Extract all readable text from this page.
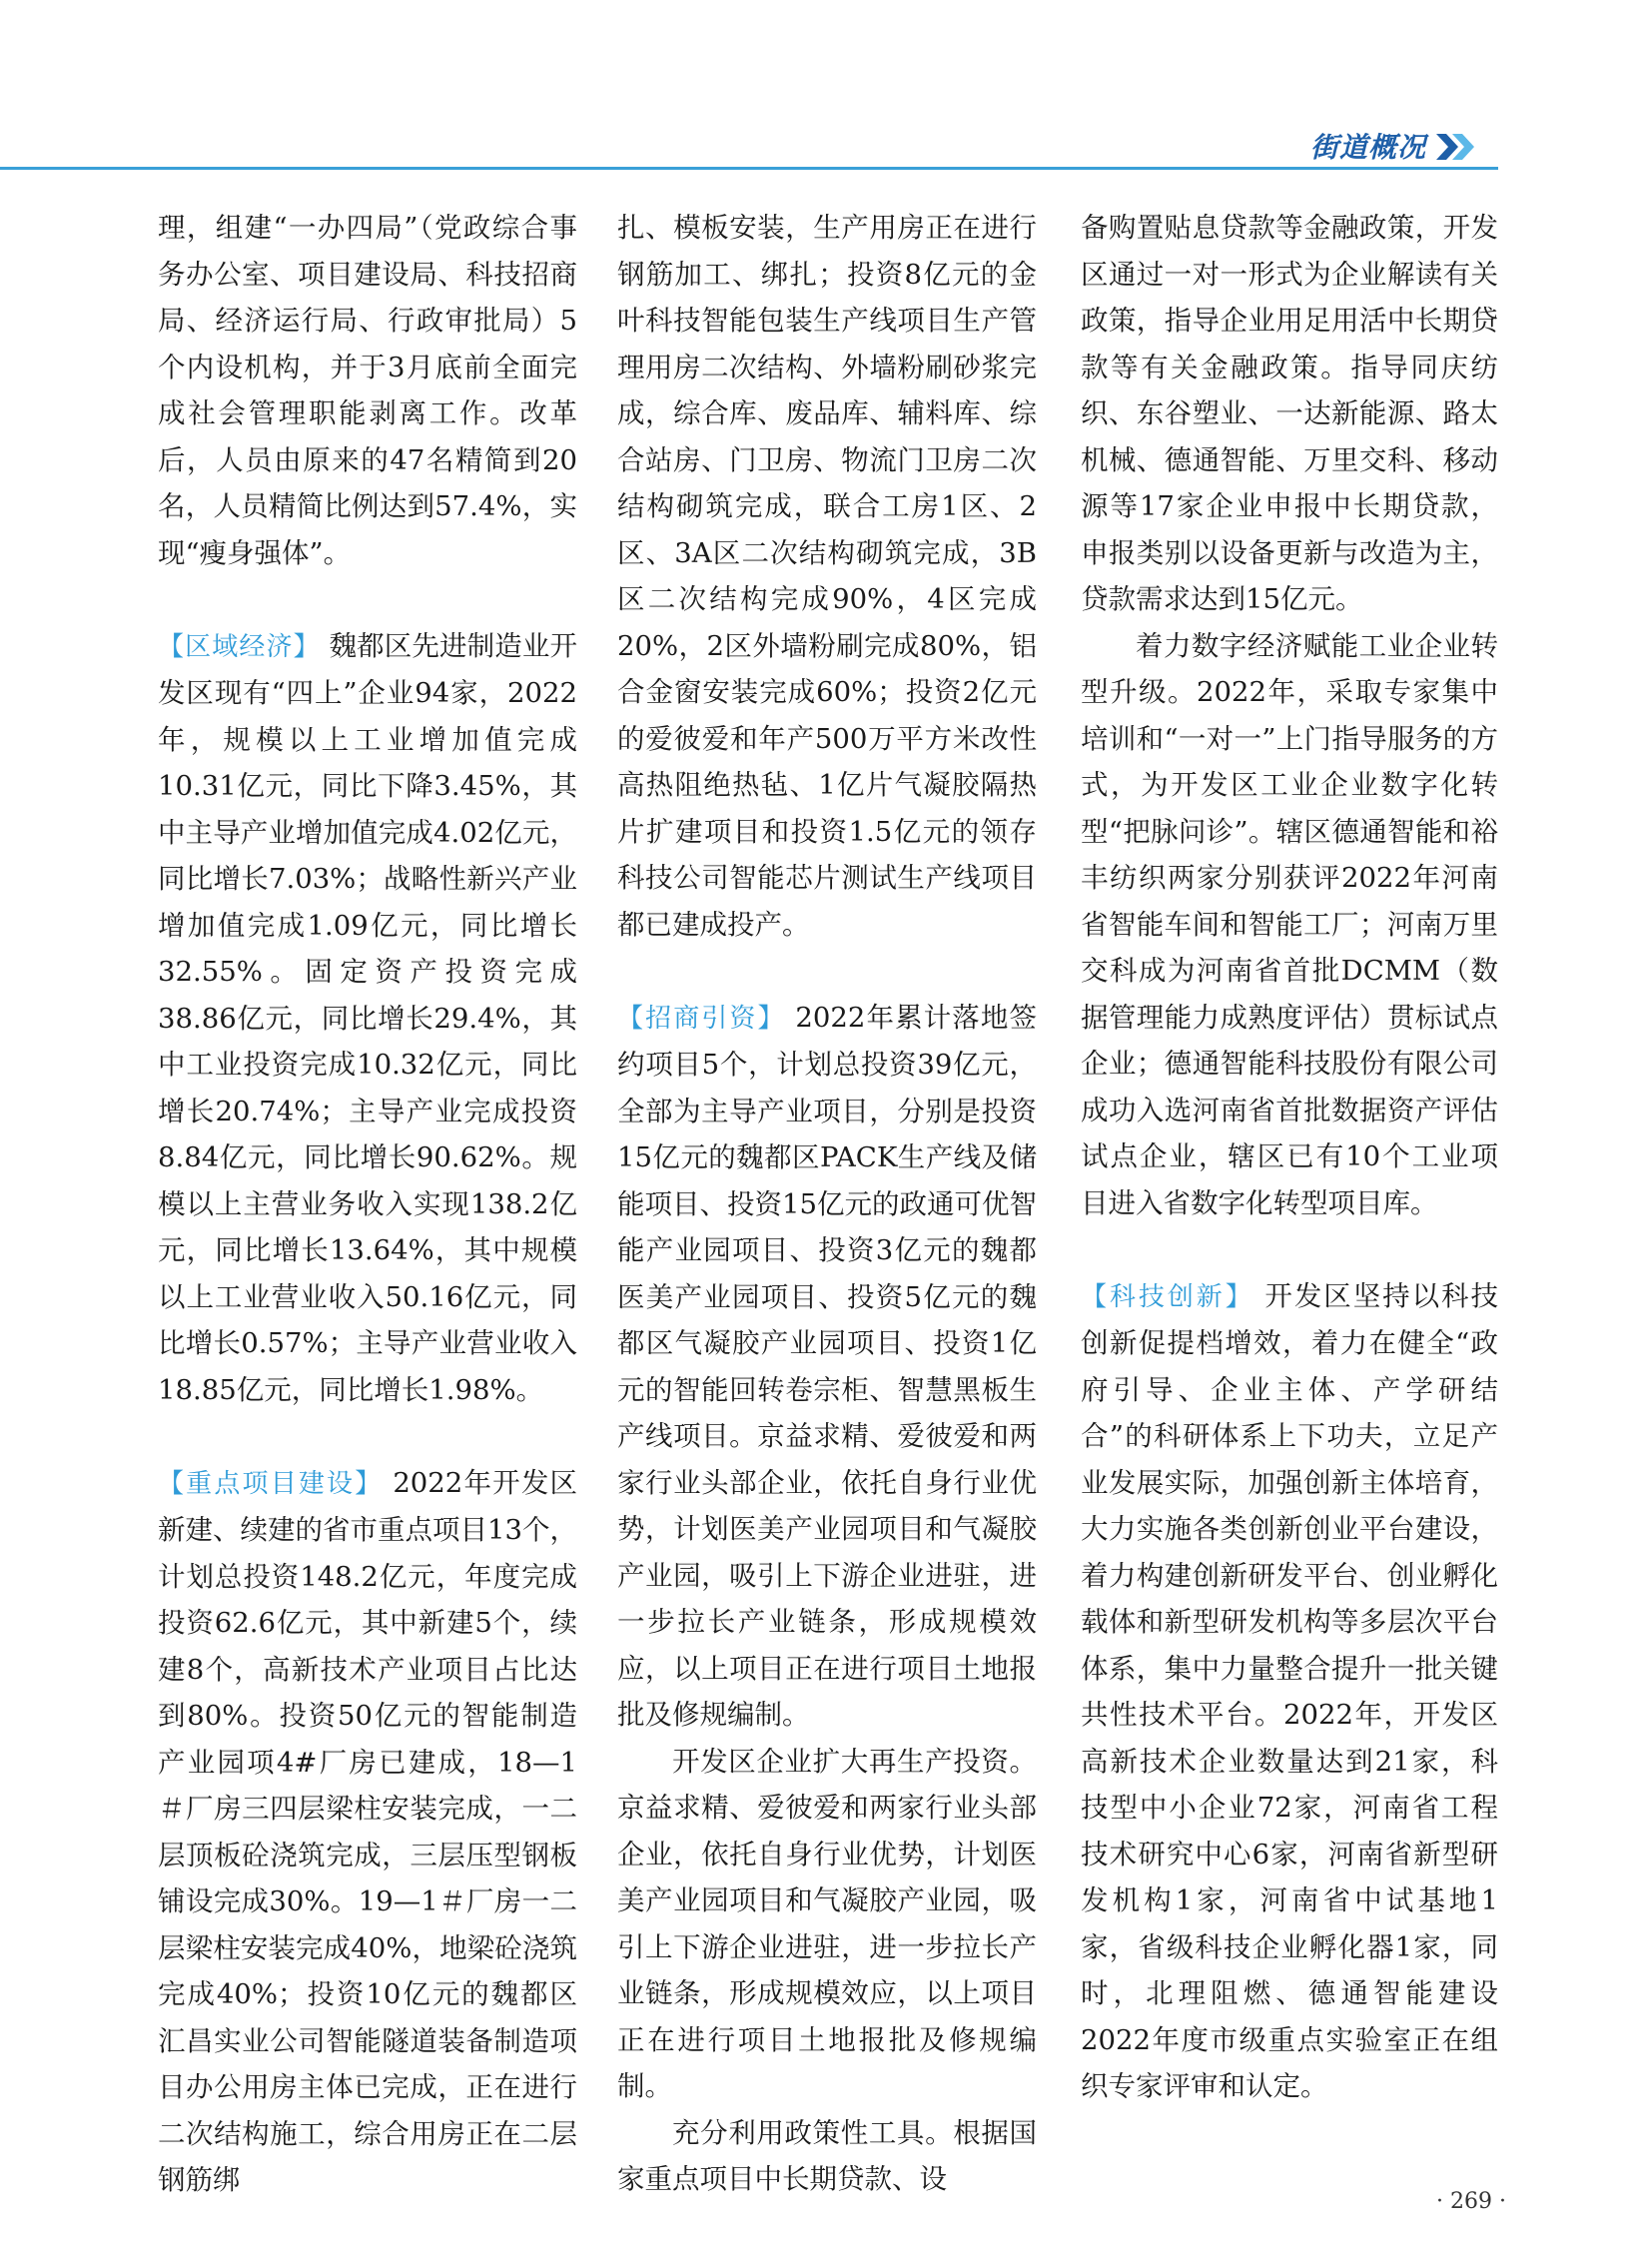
街道概况

理，组建“一办四局”（党政综合事务办公室、项目建设局、科技招商局、经济运行局、行政审批局）5个内设机构，并于3月底前全面完成社会管理职能剥离工作。改革后，人员由原来的47名精简到20名，人员精简比例达到57.4%，实现“瘦身强体”。

【区域经济】 魏都区先进制造业开发区现有“四上”企业94家，2022年，规模以上工业增加值完成10.31亿元，同比下降3.45%，其中主导产业增加值完成4.02亿元，同比增长7.03%；战略性新兴产业增加值完成1.09亿元，同比增长32.55%。固定资产投资完成38.86亿元，同比增长29.4%，其中工业投资完成10.32亿元，同比增长20.74%；主导产业完成投资8.84亿元，同比增长90.62%。规模以上主营业务收入实现138.2亿元，同比增长13.64%，其中规模以上工业营业收入50.16亿元，同比增长0.57%；主导产业营业收入18.85亿元，同比增长1.98%。

【重点项目建设】 2022年开发区新建、续建的省市重点项目13个，计划总投资148.2亿元，年度完成投资62.6亿元，其中新建5个，续建8个，高新技术产业项目占比达到80%。投资50亿元的智能制造产业园项4#厂房已建成，18—1＃厂房三四层梁柱安装完成，一二层顶板砼浇筑完成，三层压型钢板铺设完成30%。19—1＃厂房一二层梁柱安装完成40%，地梁砼浇筑完成40%；投资10亿元的魏都区汇昌实业公司智能隧道装备制造项目办公用房主体已完成，正在进行二次结构施工，综合用房正在二层钢筋绑

扎、模板安装，生产用房正在进行钢筋加工、绑扎；投资8亿元的金叶科技智能包装生产线项目生产管理用房二次结构、外墙粉刷砂浆完成，综合库、废品库、辅料库、综合站房、门卫房、物流门卫房二次结构砌筑完成，联合工房1区、2区、3A区二次结构砌筑完成，3B区二次结构完成90%，4区完成20%，2区外墙粉刷完成80%，铝合金窗安装完成60%；投资2亿元的爱彼爱和年产500万平方米改性高热阻绝热毡、1亿片气凝胶隔热片扩建项目和投资1.5亿元的领存科技公司智能芯片测试生产线项目都已建成投产。

【招商引资】 2022年累计落地签约项目5个，计划总投资39亿元，全部为主导产业项目，分别是投资15亿元的魏都区PACK生产线及储能项目、投资15亿元的政通可优智能产业园项目、投资3亿元的魏都医美产业园项目、投资5亿元的魏都区气凝胶产业园项目、投资1亿元的智能回转卷宗柜、智慧黑板生产线项目。京益求精、爱彼爱和两家行业头部企业，依托自身行业优势，计划医美产业园项目和气凝胶产业园，吸引上下游企业进驻，进一步拉长产业链条，形成规模效应，以上项目正在进行项目土地报批及修规编制。

开发区企业扩大再生产投资。京益求精、爱彼爱和两家行业头部企业，依托自身行业优势，计划医美产业园项目和气凝胶产业园，吸引上下游企业进驻，进一步拉长产业链条，形成规模效应，以上项目正在进行项目土地报批及修规编制。

充分利用政策性工具。根据国家重点项目中长期贷款、设

备购置贴息贷款等金融政策，开发区通过一对一形式为企业解读有关政策，指导企业用足用活中长期贷款等有关金融政策。指导同庆纺织、东谷塑业、一达新能源、路太机械、德通智能、万里交科、移动源等17家企业申报中长期贷款，申报类别以设备更新与改造为主，贷款需求达到15亿元。

着力数字经济赋能工业企业转型升级。2022年，采取专家集中培训和“一对一”上门指导服务的方式，为开发区工业企业数字化转型“把脉问诊”。辖区德通智能和裕丰纺织两家分别获评2022年河南省智能车间和智能工厂；河南万里交科成为河南省首批DCMM（数据管理能力成熟度评估）贯标试点企业；德通智能科技股份有限公司成功入选河南省首批数据资产评估试点企业，辖区已有10个工业项目进入省数字化转型项目库。

【科技创新】 开发区坚持以科技创新促提档增效，着力在健全“政府引导、企业主体、产学研结合”的科研体系上下功夫，立足产业发展实际，加强创新主体培育，大力实施各类创新创业平台建设，着力构建创新研发平台、创业孵化载体和新型研发机构等多层次平台体系，集中力量整合提升一批关键共性技术平台。2022年，开发区高新技术企业数量达到21家，科技型中小企业72家，河南省工程技术研究中心6家，河南省新型研发机构1家，河南省中试基地1家，省级科技企业孵化器1家，同时，北理阻燃、德通智能建设2022年度市级重点实验室正在组织专家评审和认定。

· 269 ·
